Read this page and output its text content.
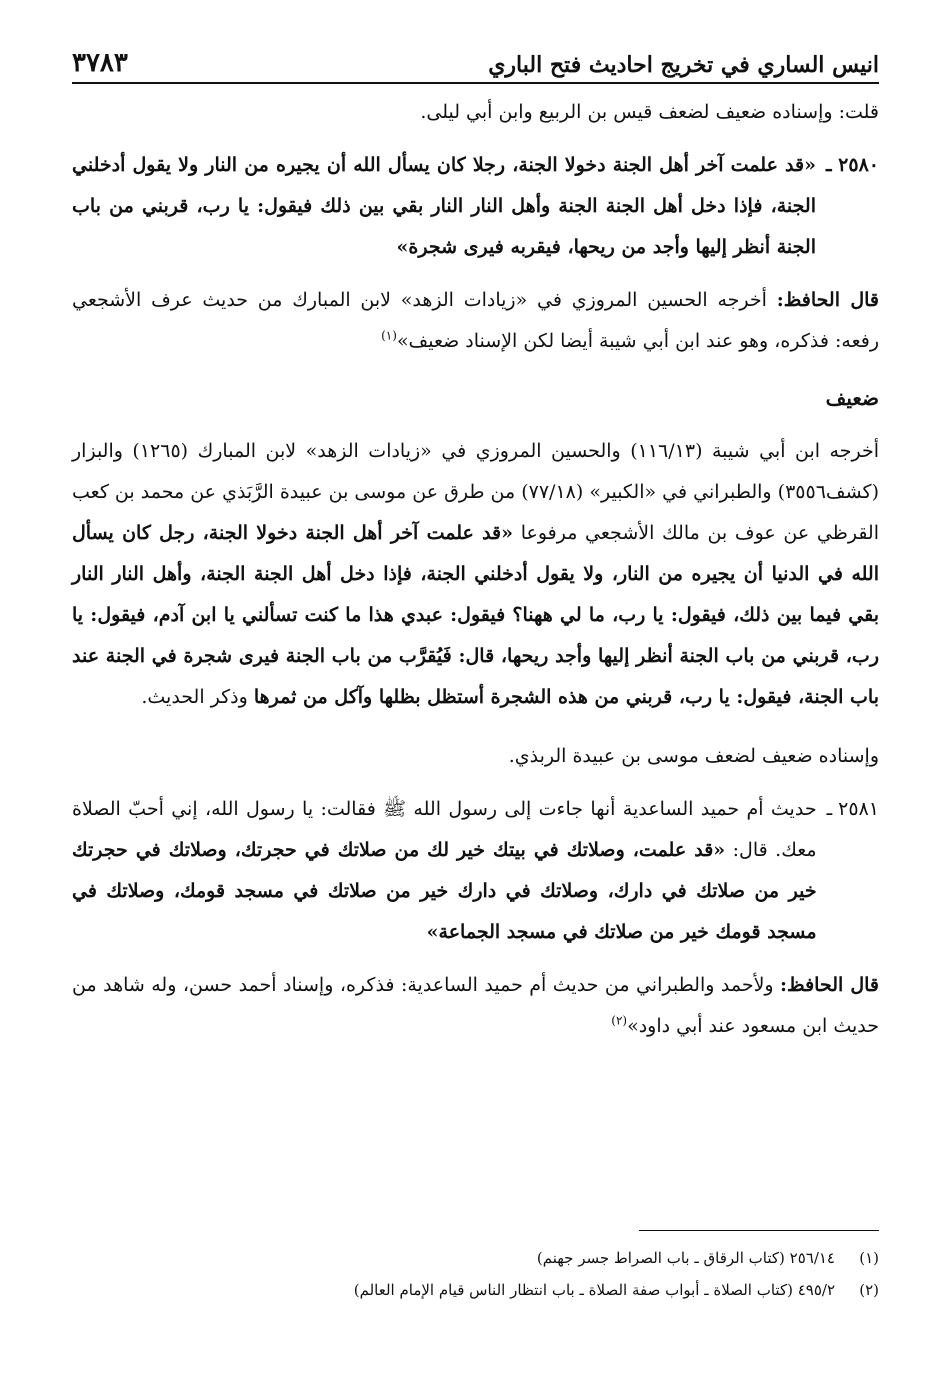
انيس الساري في تخريج احاديث فتح الباري
٣٧٨٣

قلت: وإسناده ضعيف لضعف قيس بن الربيع وابن أبي ليلى.

٢٥٨٠ ـ
«قد علمت آخر أهل الجنة دخولا الجنة، رجلا كان يسأل الله أن يجيره من النار ولا يقول أدخلني الجنة، فإذا دخل أهل الجنة الجنة وأهل النار النار بقي بين ذلك فيقول: يا رب، قربني من باب الجنة أنظر إليها وأجد من ريحها، فيقربه فيرى شجرة»

قال الحافظ: أخرجه الحسين المروزي في «زيادات الزهد» لابن المبارك من حديث عرف الأشجعي رفعه: فذكره، وهو عند ابن أبي شيبة أيضا لكن الإسناد ضعيف»$^{(١)}$

ضعيف

أخرجه ابن أبي شيبة (١١٦/١٣) والحسين المروزي في «زيادات الزهد» لابن المبارك (١٢٦٥) والبزار (كشف٣٥٥٦) والطبراني في «الكبير» (٧٧/١٨) من طرق عن موسى بن عبيدة الرَّبَذي عن محمد بن كعب القرظي عن عوف بن مالك الأشجعي مرفوعا «قد علمت آخر أهل الجنة دخولا الجنة، رجل كان يسأل الله في الدنيا أن يجيره من النار، ولا يقول أدخلني الجنة، فإذا دخل أهل الجنة الجنة، وأهل النار النار بقي فيما بين ذلك، فيقول: يا رب، ما لي ههنا؟ فيقول: عبدي هذا ما كنت تسألني يا ابن آدم، فيقول: يا رب، قربني من باب الجنة أنظر إليها وأجد ريحها، قال: فَيُقرَّب من باب الجنة فيرى شجرة في الجنة عند باب الجنة، فيقول: يا رب، قربني من هذه الشجرة أستظل بظلها وآكل من ثمرها وذكر الحديث.

وإسناده ضعيف لضعف موسى بن عبيدة الربذي.

٢٥٨١ ـ
حديث أم حميد الساعدية أنها جاءت إلى رسول الله ﷺ فقالت: يا رسول الله، إني أحبّ الصلاة معك. قال: «قد علمت، وصلاتك في بيتك خير لك من صلاتك في حجرتك، وصلاتك في حجرتك خير من صلاتك في دارك، وصلاتك في دارك خير من صلاتك في مسجد قومك، وصلاتك في مسجد قومك خير من صلاتك في مسجد الجماعة»

قال الحافظ: ولأحمد والطبراني من حديث أم حميد الساعدية: فذكره، وإسناد أحمد حسن، وله شاهد من حديث ابن مسعود عند أبي داود»$^{(٢)}$

(١)
٢٥٦/١٤ (كتاب الرقاق ـ باب الصراط جسر جهنم)
(٢)
٤٩٥/٢ (كتاب الصلاة ـ أبواب صفة الصلاة ـ باب انتظار الناس قيام الإمام العالم)
